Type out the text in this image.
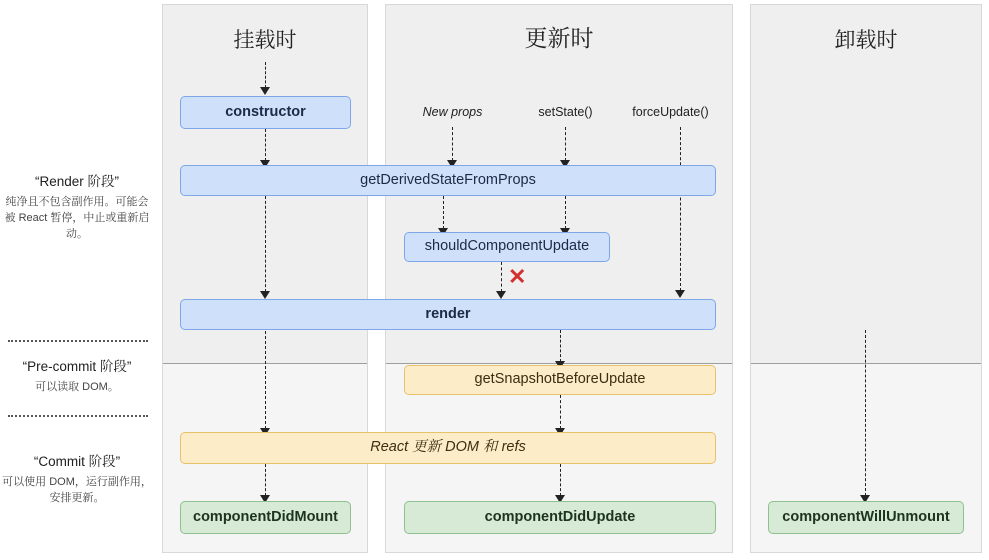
挂载时	更新时	卸载时
“Render 阶段”
纯净且不包含副作用。可能会被 React 暂停，中止或重新启动。
“Pre-commit 阶段”
可以读取 DOM。
“Commit 阶段”
可以使用 DOM，运行副作用，安排更新。
constructor
componentDidMount
New props	setState()	forceUpdate()
getDerivedStateFromProps
shouldComponentUpdate
✕
render
getSnapshotBeforeUpdate
React 更新 DOM 和 refs
componentDidUpdate	componentWillUnmount
